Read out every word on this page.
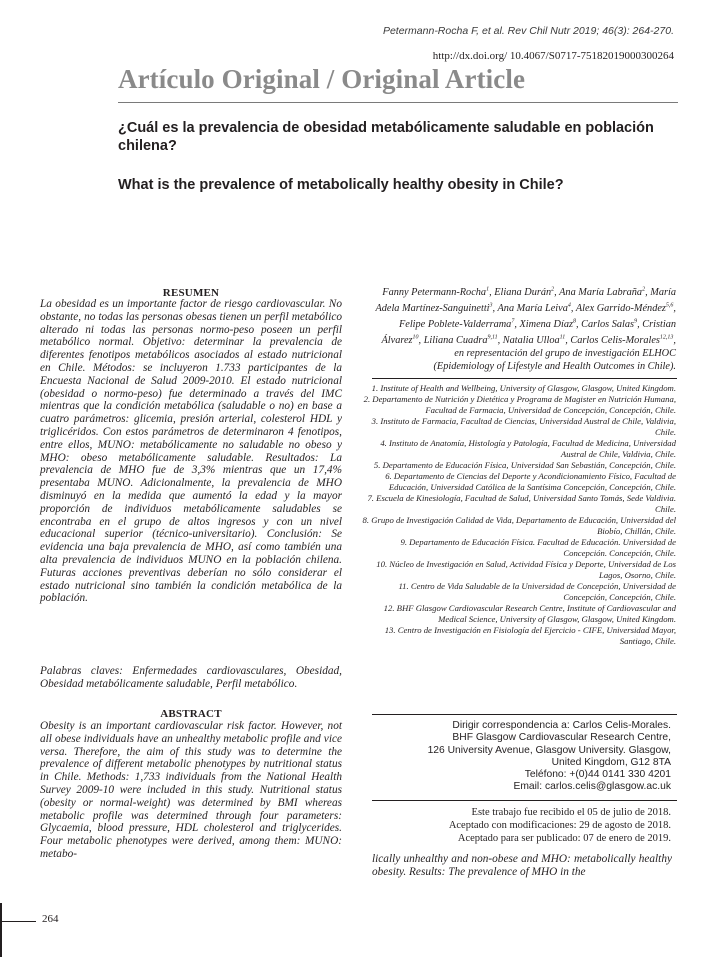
Petermann-Rocha F, et al. Rev Chil Nutr 2019; 46(3): 264-270.
http://dx.doi.org/ 10.4067/S0717-75182019000300264
Artículo Original / Original Article
¿Cuál es la prevalencia de obesidad metabólicamente saludable en población chilena?
What is the prevalence of metabolically healthy obesity in Chile?
RESUMEN

La obesidad es un importante factor de riesgo cardiovascular. No obstante, no todas las personas obesas tienen un perfil metabólico alterado ni todas las personas normo-peso poseen un perfil metabólico normal. Objetivo: determinar la prevalencia de diferentes fenotipos metabólicos asociados al estado nutricional en Chile. Métodos: se incluyeron 1.733 participantes de la Encuesta Nacional de Salud 2009-2010. El estado nutricional (obesidad o normo-peso) fue determinado a través del IMC mientras que la condición metabólica (saludable o no) en base a cuatro parámetros: glicemia, presión arterial, colesterol HDL y triglicéridos. Con estos parámetros de determinaron 4 fenotipos, entre ellos, MUNO: metabólicamente no saludable no obeso y MHO: obeso metabólicamente saludable. Resultados: La prevalencia de MHO fue de 3,3% mientras que un 17,4% presentaba MUNO. Adicionalmente, la prevalencia de MHO disminuyó en la medida que aumentó la edad y la mayor proporción de individuos metabólicamente saludables se encontraba en el grupo de altos ingresos y con un nivel educacional superior (técnico-universitario). Conclusión: Se evidencia una baja prevalencia de MHO, así como también una alta prevalencia de individuos MUNO en la población chilena. Futuras acciones preventivas deberían no sólo considerar el estado nutricional sino también la condición metabólica de la población.

Palabras claves: Enfermedades cardiovasculares, Obesidad, Obesidad metabólicamente saludable, Perfil metabólico.

ABSTRACT

Obesity is an important cardiovascular risk factor. However, not all obese individuals have an unhealthy metabolic profile and vice versa. Therefore, the aim of this study was to determine the prevalence of different metabolic phenotypes by nutritional status in Chile. Methods: 1,733 individuals from the National Health Survey 2009-10 were included in this study. Nutritional status (obesity or normal-weight) was determined by BMI whereas metabolic profile was determined through four parameters: Glycaemia, blood pressure, HDL cholesterol and triglycerides. Four metabolic phenotypes were derived, among them: MUNO: metabo-

Fanny Petermann-Rocha$^1$, Eliana Durán$^2$, Ana María Labraña$^2$, María Adela Martínez-Sanguinetti$^3$, Ana María Leiva$^4$, Alex Garrido-Méndez$^{5,6}$, Felipe Poblete-Valderrama$^7$, Ximena Díaz$^8$, Carlos Salas$^9$, Cristian Álvarez$^{10}$, Liliana Cuadra$^{9,11}$, Natalia Ulloa$^{11}$, Carlos Celis-Morales$^{12,13}$,
en representación del grupo de investigación ELHOC
(Epidemiology of Lifestyle and Health Outcomes in Chile).
1. Institute of Health and Wellbeing, University of Glasgow, Glasgow, United Kingdom.
2. Departamento de Nutrición y Dietética y Programa de Magister en Nutrición Humana, Facultad de Farmacia, Universidad de Concepción, Concepción, Chile.
3. Instituto de Farmacia, Facultad de Ciencias, Universidad Austral de Chile, Valdivia, Chile.
4. Instituto de Anatomía, Histología y Patología, Facultad de Medicina, Universidad Austral de Chile, Valdivia, Chile.
5. Departamento de Educación Física, Universidad San Sebastián, Concepción, Chile.
6. Departamento de Ciencias del Deporte y Acondicionamiento Físico, Facultad de Educación, Universidad Católica de la Santísima Concepción, Concepción, Chile.
7. Escuela de Kinesiología, Facultad de Salud, Universidad Santo Tomás, Sede Valdivia. Chile.
8. Grupo de Investigación Calidad de Vida, Departamento de Educación, Universidad del Biobío, Chillán, Chile.
9. Departamento de Educación Física. Facultad de Educación. Universidad de Concepción. Concepción, Chile.
10. Núcleo de Investigación en Salud, Actividad Física y Deporte, Universidad de Los Lagos, Osorno, Chile.
11. Centro de Vida Saludable de la Universidad de Concepción, Universidad de Concepción, Concepción, Chile.
12. BHF Glasgow Cardiovascular Research Centre, Institute of Cardiovascular and Medical Science, University of Glasgow, Glasgow, United Kingdom.
13. Centro de Investigación en Fisiología del Ejercicio - CIFE, Universidad Mayor, Santiago, Chile.
Dirigir correspondencia a: Carlos Celis-Morales.
BHF Glasgow Cardiovascular Research Centre,
126 University Avenue, Glasgow University. Glasgow,
United Kingdom, G12 8TA
Teléfono: +(0)44 0141 330 4201
Email: carlos.celis@glasgow.ac.uk
Este trabajo fue recibido el 05 de julio de 2018.
Aceptado con modificaciones: 29 de agosto de 2018.
Aceptado para ser publicado: 07 de enero de 2019.

lically unhealthy and non-obese and MHO: metabolically healthy obesity. Results: The prevalence of MHO in the

264
